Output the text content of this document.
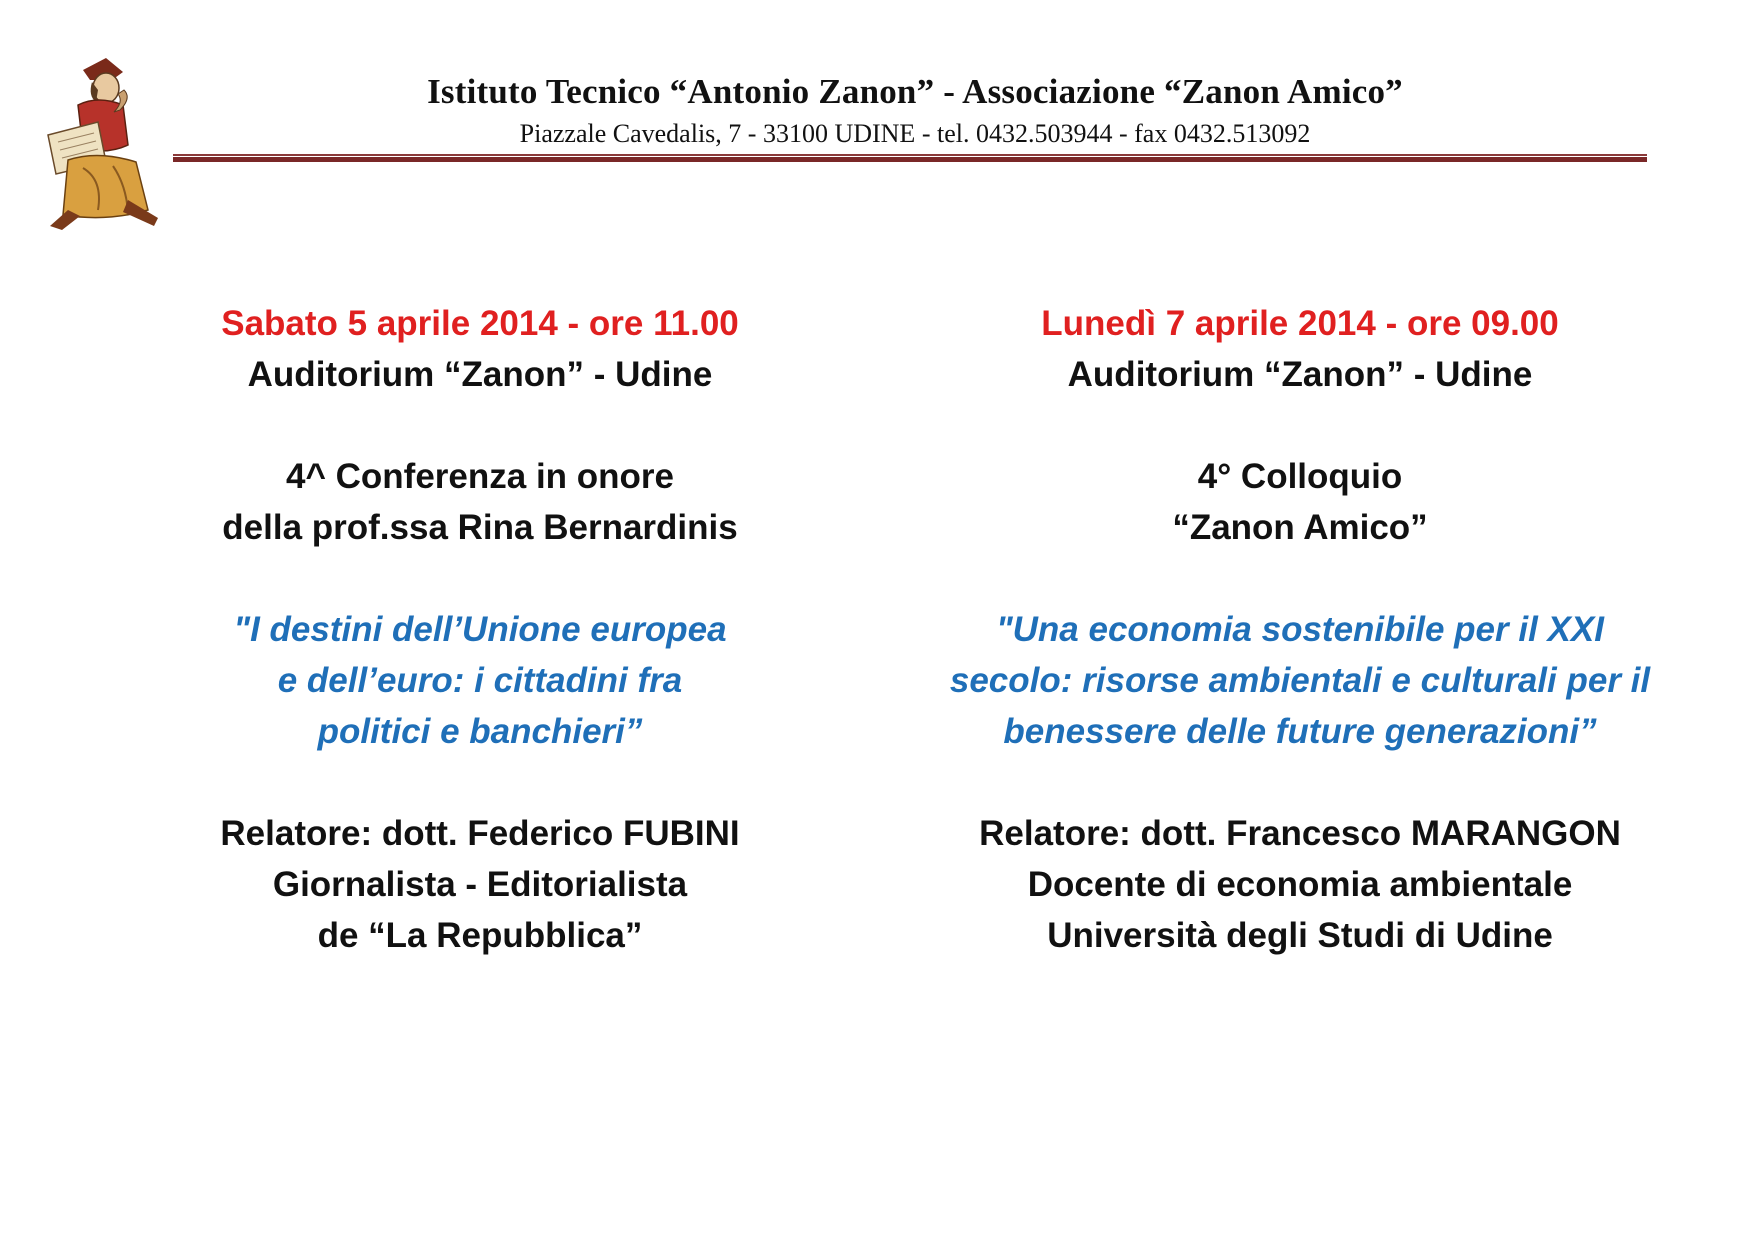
Istituto Tecnico “Antonio Zanon” - Associazione “Zanon Amico”
Piazzale Cavedalis, 7 - 33100 UDINE - tel. 0432.503944 - fax 0432.513092
Sabato 5 aprile 2014 - ore 11.00
Auditorium “Zanon” - Udine
4^ Conferenza in onore
della prof.ssa Rina Bernardinis
"I destini dell’Unione europea
e dell’euro: i cittadini fra
politici e banchieri”
Relatore: dott. Federico FUBINI
Giornalista - Editorialista
de “La Repubblica”
Lunedì 7 aprile 2014 - ore 09.00
Auditorium “Zanon” - Udine
4° Colloquio
“Zanon Amico”
"Una economia sostenibile per il XXI
secolo: risorse ambientali e culturali per il
benessere delle future generazioni”
Relatore: dott. Francesco MARANGON
Docente di economia ambientale
Università degli Studi di Udine
